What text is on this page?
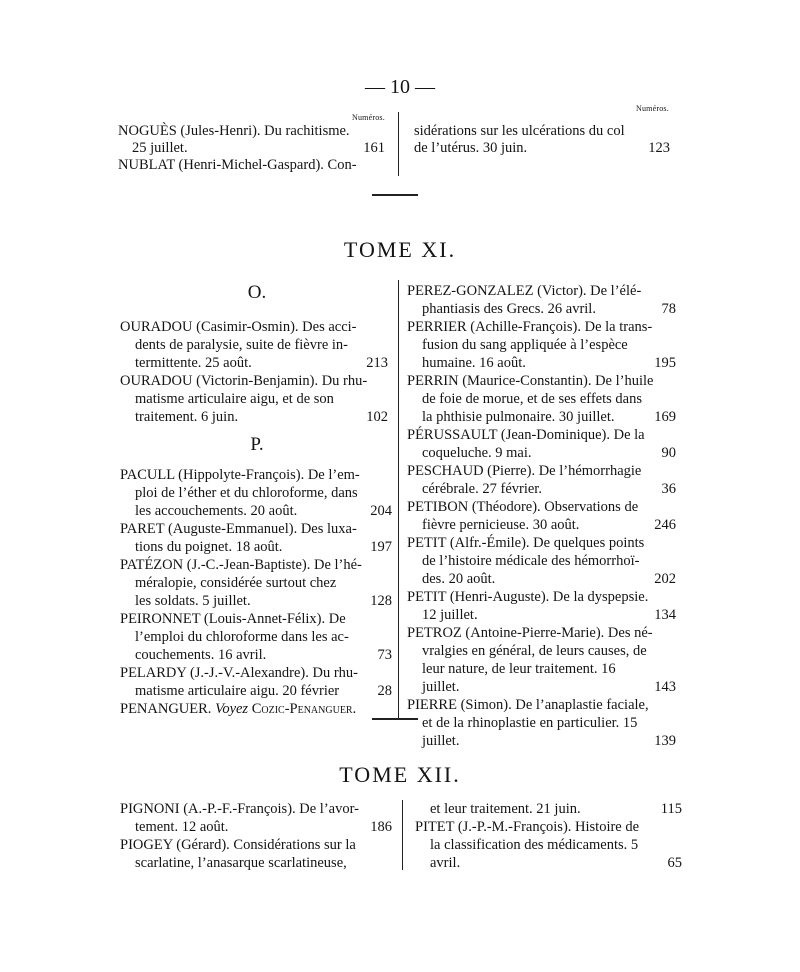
— 10 —
Numéros.
Numéros.
NOGUÈS (Jules-Henri). Du rachitisme.
25 juillet.	161
NUBLAT (Henri-Michel-Gaspard). Con-
sidérations sur les ulcérations du col
de l’utérus. 30 juin.	123
TOME XI.
O.
OURADOU (Casimir-Osmin). Des acci-
dents de paralysie, suite de fièvre in-
termittente. 25 août.	213
OURADOU (Victorin-Benjamin). Du rhu-
matisme articulaire aigu, et de son
traitement. 6 juin.	102
P.
PACULL (Hippolyte-François). De l’em-
ploi de l’éther et du chloroforme, dans
les accouchements. 20 août.	204
PARET (Auguste-Emmanuel). Des luxa-
tions du poignet. 18 août.	197
PATÉZON (J.-C.-Jean-Baptiste). De l’hé-
méralopie, considérée surtout chez
les soldats. 5 juillet.	128
PEIRONNET (Louis-Annet-Félix). De
l’emploi du chloroforme dans les ac-
couchements. 16 avril.	73
PELARDY (J.-J.-V.-Alexandre). Du rhu-
matisme articulaire aigu. 20 février	28
PENANGUER. Voyez Cozic-Penanguer.
PEREZ-GONZALEZ (Victor). De l’élé-
phantiasis des Grecs. 26 avril.	78
PERRIER (Achille-François). De la trans-
fusion du sang appliquée à l’espèce
humaine. 16 août.	195
PERRIN (Maurice-Constantin). De l’huile
de foie de morue, et de ses effets dans
la phthisie pulmonaire. 30 juillet.	169
PÉRUSSAULT (Jean-Dominique). De la
coqueluche. 9 mai.	90
PESCHAUD (Pierre). De l’hémorrhagie
cérébrale. 27 février.	36
PETIBON (Théodore). Observations de
fièvre pernicieuse. 30 août.	246
PETIT (Alfr.-Émile). De quelques points
de l’histoire médicale des hémorrhoï-
des. 20 août.	202
PETIT (Henri-Auguste). De la dyspepsie.
12 juillet.	134
PETROZ (Antoine-Pierre-Marie). Des né-
vralgies en général, de leurs causes, de
leur nature, de leur traitement. 16
juillet.	143
PIERRE (Simon). De l’anaplastie faciale,
et de la rhinoplastie en particulier. 15
juillet.	139
TOME XII.
PIGNONI (A.-P.-F.-François). De l’avor-
tement. 12 août.	186
PIOGEY (Gérard). Considérations sur la
scarlatine, l’anasarque scarlatineuse,
et leur traitement. 21 juin.	115
PITET (J.-P.-M.-François). Histoire de
la classification des médicaments. 5
avril.	65
